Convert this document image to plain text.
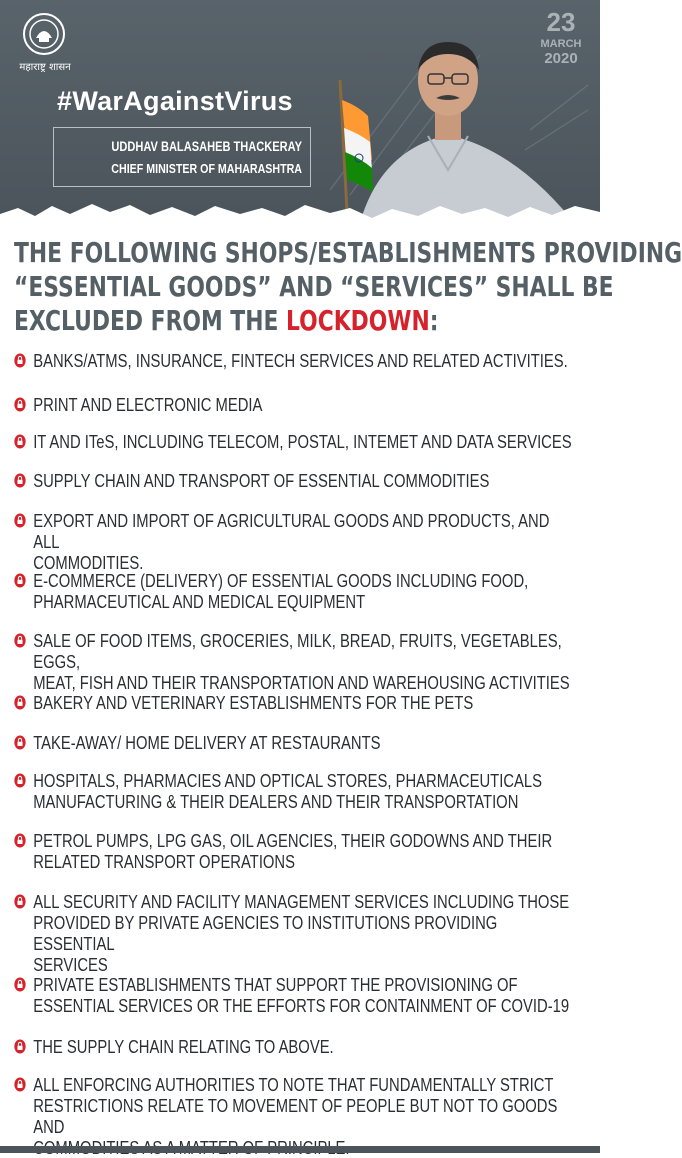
महाराष्ट्र शासन
23
MARCH
2020
#WarAgainstVirus
UDDHAV BALASAHEB THACKERAY
CHIEF MINISTER OF MAHARASHTRA
THE FOLLOWING SHOPS/ESTABLISHMENTS PROVIDING
“ESSENTIAL GOODS” AND “SERVICES” SHALL BE
EXCLUDED FROM THE LOCKDOWN:
BANKS/ATMS, INSURANCE, FINTECH SERVICES AND RELATED ACTIVITIES.
PRINT AND ELECTRONIC MEDIA
IT AND ITeS, INCLUDING TELECOM, POSTAL, INTEMET AND DATA SERVICES
SUPPLY CHAIN AND TRANSPORT OF ESSENTIAL COMMODITIES
EXPORT AND IMPORT OF AGRICULTURAL GOODS AND PRODUCTS, AND ALL
COMMODITIES.
E-COMMERCE (DELIVERY) OF ESSENTIAL GOODS INCLUDING FOOD,
PHARMACEUTICAL AND MEDICAL EQUIPMENT
SALE OF FOOD ITEMS, GROCERIES, MILK, BREAD, FRUITS, VEGETABLES, EGGS,
MEAT, FISH AND THEIR TRANSPORTATION AND WAREHOUSING ACTIVITIES
BAKERY AND VETERINARY ESTABLISHMENTS FOR THE PETS
TAKE-AWAY/ HOME DELIVERY AT RESTAURANTS
HOSPITALS, PHARMACIES AND OPTICAL STORES, PHARMACEUTICALS
MANUFACTURING & THEIR DEALERS AND THEIR TRANSPORTATION
PETROL PUMPS, LPG GAS, OIL AGENCIES, THEIR GODOWNS AND THEIR
RELATED TRANSPORT OPERATIONS
ALL SECURITY AND FACILITY MANAGEMENT SERVICES INCLUDING THOSE
PROVIDED BY PRIVATE AGENCIES TO INSTITUTIONS PROVIDING ESSENTIAL
SERVICES
PRIVATE ESTABLISHMENTS THAT SUPPORT THE PROVISIONING OF
ESSENTIAL SERVICES OR THE EFFORTS FOR CONTAINMENT OF COVID-19
THE SUPPLY CHAIN RELATING TO ABOVE.
ALL ENFORCING AUTHORITIES TO NOTE THAT FUNDAMENTALLY STRICT
RESTRICTIONS RELATE TO MOVEMENT OF PEOPLE BUT NOT TO GOODS AND
